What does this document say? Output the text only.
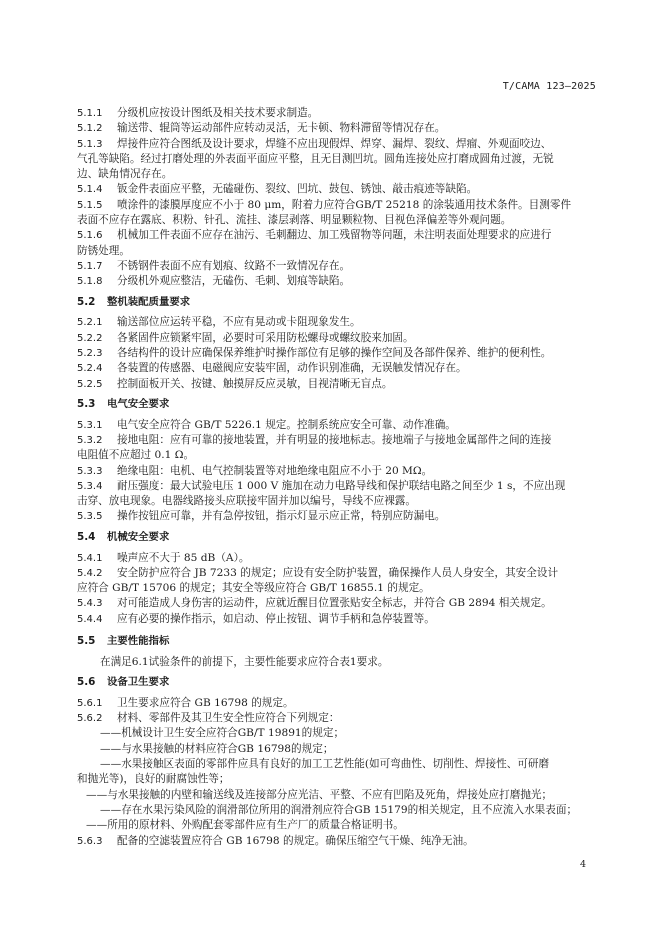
T/CAMA 123—2025
5.1.1 分级机应按设计图纸及相关技术要求制造。
5.1.2 输送带、辊筒等运动部件应转动灵活，无卡顿、物料滞留等情况存在。
5.1.3 焊接件应符合图纸及设计要求，焊缝不应出现假焊、焊穿、漏焊、裂纹、焊瘤、外观面咬边、
气孔等缺陷。经过打磨处理的外表面平面应平整，且无目测凹坑。圆角连接处应打磨成圆角过渡，无锐
边、缺角情况存在。
5.1.4 钣金件表面应平整，无磕碰伤、裂纹、凹坑、鼓包、锈蚀、敲击痕迹等缺陷。
5.1.5 喷涂件的漆膜厚度应不小于 80 μm，附着力应符合GB/T 25218 的涂装通用技术条件。目测零件
表面不应存在露底、积粉、针孔、流挂、漆层剥落、明显颗粒物、目视色泽偏差等外观问题。
5.1.6 机械加工件表面不应存在油污、毛刺翻边、加工残留物等问题，未注明表面处理要求的应进行
防锈处理。
5.1.7 不锈钢件表面不应有划痕、纹路不一致情况存在。
5.1.8 分级机外观应整洁，无磕伤、毛刺、划痕等缺陷。
5.2 整机装配质量要求
5.2.1 输送部位应运转平稳，不应有晃动或卡阻现象发生。
5.2.2 各紧固件应锁紧牢固，必要时可采用防松螺母或螺纹胶来加固。
5.2.3 各结构件的设计应确保保养维护时操作部位有足够的操作空间及各部件保养、维护的便利性。
5.2.4 各装置的传感器、电磁阀应安装牢固，动作识别准确，无误触发情况存在。
5.2.5 控制面板开关、按键、触摸屏反应灵敏，目视清晰无盲点。
5.3 电气安全要求
5.3.1 电气安全应符合 GB/T 5226.1 规定。控制系统应安全可靠、动作准确。
5.3.2 接地电阻：应有可靠的接地装置，并有明显的接地标志。接地端子与接地金属部件之间的连接
电阻值不应超过 0.1 Ω。
5.3.3 绝缘电阻：电机、电气控制装置等对地绝缘电阻应不小于 20 MΩ。
5.3.4 耐压强度：最大试验电压 1 000 V 施加在动力电路导线和保护联结电路之间至少 1 s，不应出现
击穿、放电现象。电器线路接头应联接牢固并加以编号，导线不应裸露。
5.3.5 操作按钮应可靠，并有急停按钮，指示灯显示应正常，特别应防漏电。
5.4 机械安全要求
5.4.1 噪声应不大于 85 dB（A）。
5.4.2 安全防护应符合 JB 7233 的规定；应设有安全防护装置，确保操作人员人身安全，其安全设计
应符合 GB/T 15706 的规定；其安全等级应符合 GB/T 16855.1 的规定。
5.4.3 对可能造成人身伤害的运动件，应就近醒目位置张贴安全标志，并符合 GB 2894 相关规定。
5.4.4 应有必要的操作指示，如启动、停止按钮、调节手柄和急停装置等。
5.5 主要性能指标
在满足6.1试验条件的前提下，主要性能要求应符合表1要求。
5.6 设备卫生要求
5.6.1 卫生要求应符合 GB 16798 的规定。
5.6.2 材料、零部件及其卫生安全性应符合下列规定：
——机械设计卫生安全应符合GB/T 19891的规定；
——与水果接触的材料应符合GB 16798的规定；
——水果接触区表面的零部件应具有良好的加工工艺性能(如可弯曲性、切削性、焊接性、可研磨
和抛光等)，良好的耐腐蚀性等；
——与水果接触的内壁和输送线及连接部分应光洁、平整、不应有凹陷及死角，焊接处应打磨抛光；
——存在水果污染风险的润滑部位所用的润滑剂应符合GB 15179的相关规定，且不应流入水果表面；
——所用的原材料、外购配套零部件应有生产厂的质量合格证明书。
5.6.3 配备的空滤装置应符合 GB 16798 的规定。确保压缩空气干燥、纯净无油。
4
